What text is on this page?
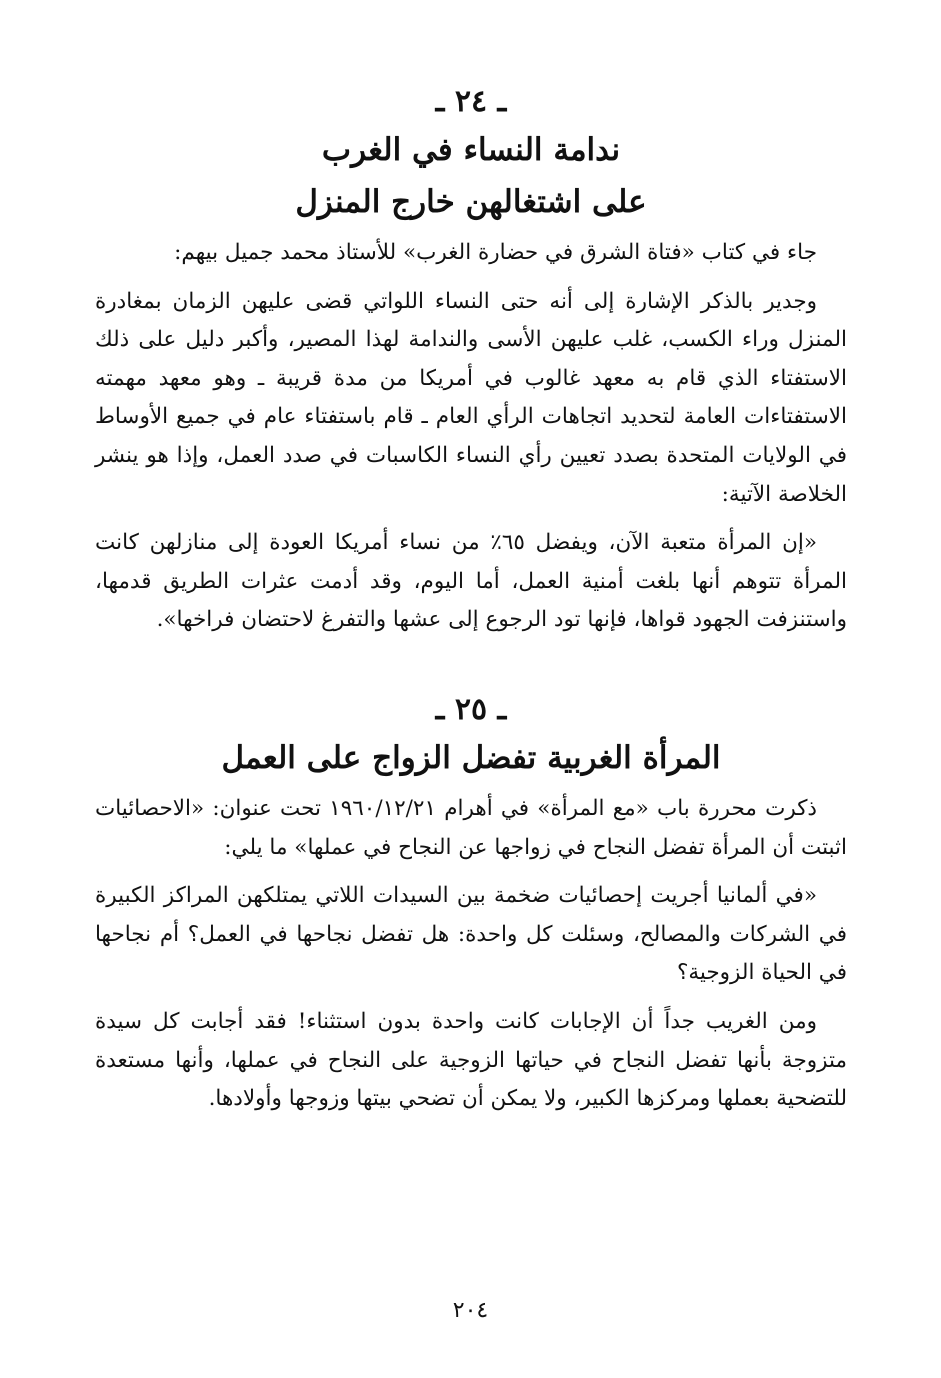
ـ ٢٤ ـ
ندامة النساء في الغرب
على اشتغالهن خارج المنزل

جاء في كتاب «فتاة الشرق في حضارة الغرب» للأستاذ محمد جميل بيهم:

وجدير بالذكر الإشارة إلى أنه حتى النساء اللواتي قضى عليهن الزمان بمغادرة المنزل وراء الكسب، غلب عليهن الأسى والندامة لهذا المصير، وأكبر دليل على ذلك الاستفتاء الذي قام به معهد غالوب في أمريكا من مدة قريبة ـ وهو معهد مهمته الاستفتاءات العامة لتحديد اتجاهات الرأي العام ـ قام باستفتاء عام في جميع الأوساط في الولايات المتحدة بصدد تعيين رأي النساء الكاسبات في صدد العمل، وإذا هو ينشر الخلاصة الآتية:

«إن المرأة متعبة الآن، ويفضل ٦٥٪ من نساء أمريكا العودة إلى منازلهن كانت المرأة تتوهم أنها بلغت أمنية العمل، أما اليوم، وقد أدمت عثرات الطريق قدمها، واستنزفت الجهود قواها، فإنها تود الرجوع إلى عشها والتفرغ لاحتضان فراخها».

ـ ٢٥ ـ
المرأة الغربية تفضل الزواج على العمل

ذكرت محررة باب «مع المرأة» في أهرام ١٩٦٠/١٢/٢١ تحت عنوان: «الاحصائيات اثبتت أن المرأة تفضل النجاح في زواجها عن النجاح في عملها» ما يلي:

«في ألمانيا أجريت إحصائيات ضخمة بين السيدات اللاتي يمتلكهن المراكز الكبيرة في الشركات والمصالح، وسئلت كل واحدة: هل تفضل نجاحها في العمل؟ أم نجاحها في الحياة الزوجية؟

ومن الغريب جداً أن الإجابات كانت واحدة بدون استثناء! فقد أجابت كل سيدة متزوجة بأنها تفضل النجاح في حياتها الزوجية على النجاح في عملها، وأنها مستعدة للتضحية بعملها ومركزها الكبير، ولا يمكن أن تضحي بيتها وزوجها وأولادها.

٢٠٤
